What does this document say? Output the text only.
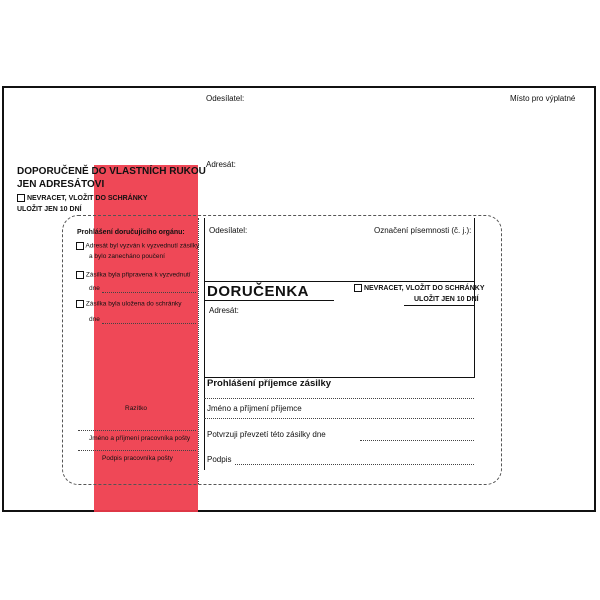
Odesílatel:	Místo pro výplatné
Adresát:
DOPORUČENĚ DO VLASTNÍCH RUKOU
JEN ADRESÁTOVI
NEVRACET, VLOŽIT DO SCHRÁNKY
ULOŽIT JEN 10 DNÍ
Prohlášení doručujícího orgánu:
Adresát byl vyzván k vyzvednutí zásilky
a bylo zanecháno poučení
Zásilka byla připravena k vyzvednutí
dne
Zásilka byla uložena do schránky
dne
Razítko
Jméno a příjmení pracovníka pošty
Podpis pracovníka pošty
Odesílatel:	Označení písemnosti (č. j.):
DORUČENKA	NEVRACET, VLOŽIT DO SCHRÁNKY
ULOŽIT JEN 10 DNÍ
Adresát:
Prohlášení příjemce zásilky
Jméno a příjmení příjemce
Potvrzuji převzetí této zásilky dne
Podpis
